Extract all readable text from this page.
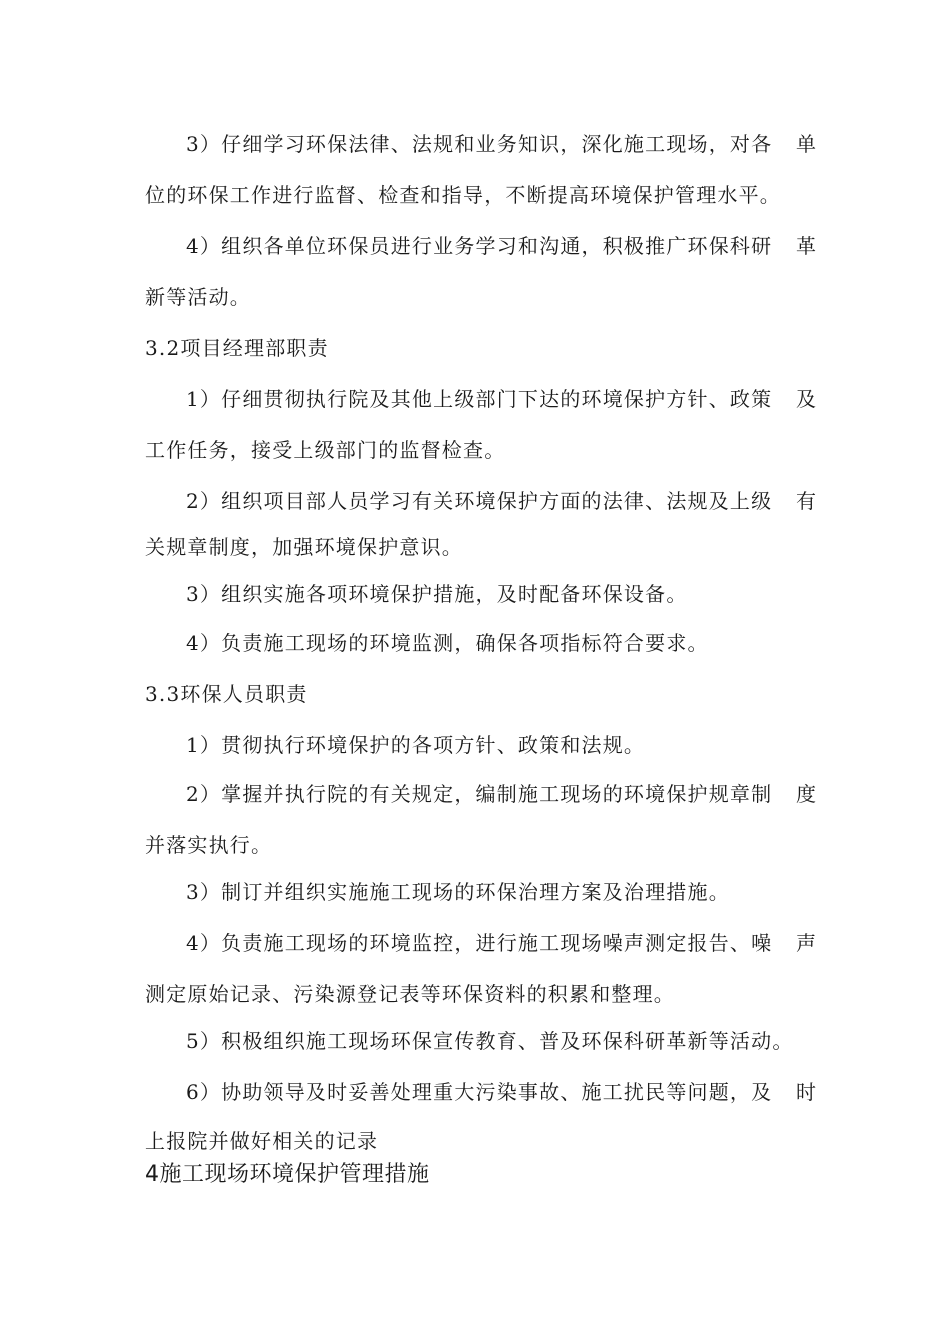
3）仔细学习环保法律、法规和业务知识，深化施工现场，对各 单
位的环保工作进行监督、检查和指导，不断提高环境保护管理水平。
4）组织各单位环保员进行业务学习和沟通，积极推广环保科研 革
新等活动。
3.2项目经理部职责
1）仔细贯彻执行院及其他上级部门下达的环境保护方针、政策 及
工作任务，接受上级部门的监督检查。
2）组织项目部人员学习有关环境保护方面的法律、法规及上级 有
关规章制度，加强环境保护意识。
3）组织实施各项环境保护措施，及时配备环保设备。
4）负责施工现场的环境监测，确保各项指标符合要求。
3.3环保人员职责
1）贯彻执行环境保护的各项方针、政策和法规。
2）掌握并执行院的有关规定，编制施工现场的环境保护规章制 度
并落实执行。
3）制订并组织实施施工现场的环保治理方案及治理措施。
4）负责施工现场的环境监控，进行施工现场噪声测定报告、噪 声
测定原始记录、污染源登记表等环保资料的积累和整理。
5）积极组织施工现场环保宣传教育、普及环保科研革新等活动。
6）协助领导及时妥善处理重大污染事故、施工扰民等问题，及 时
上报院并做好相关的记录
4施工现场环境保护管理措施
